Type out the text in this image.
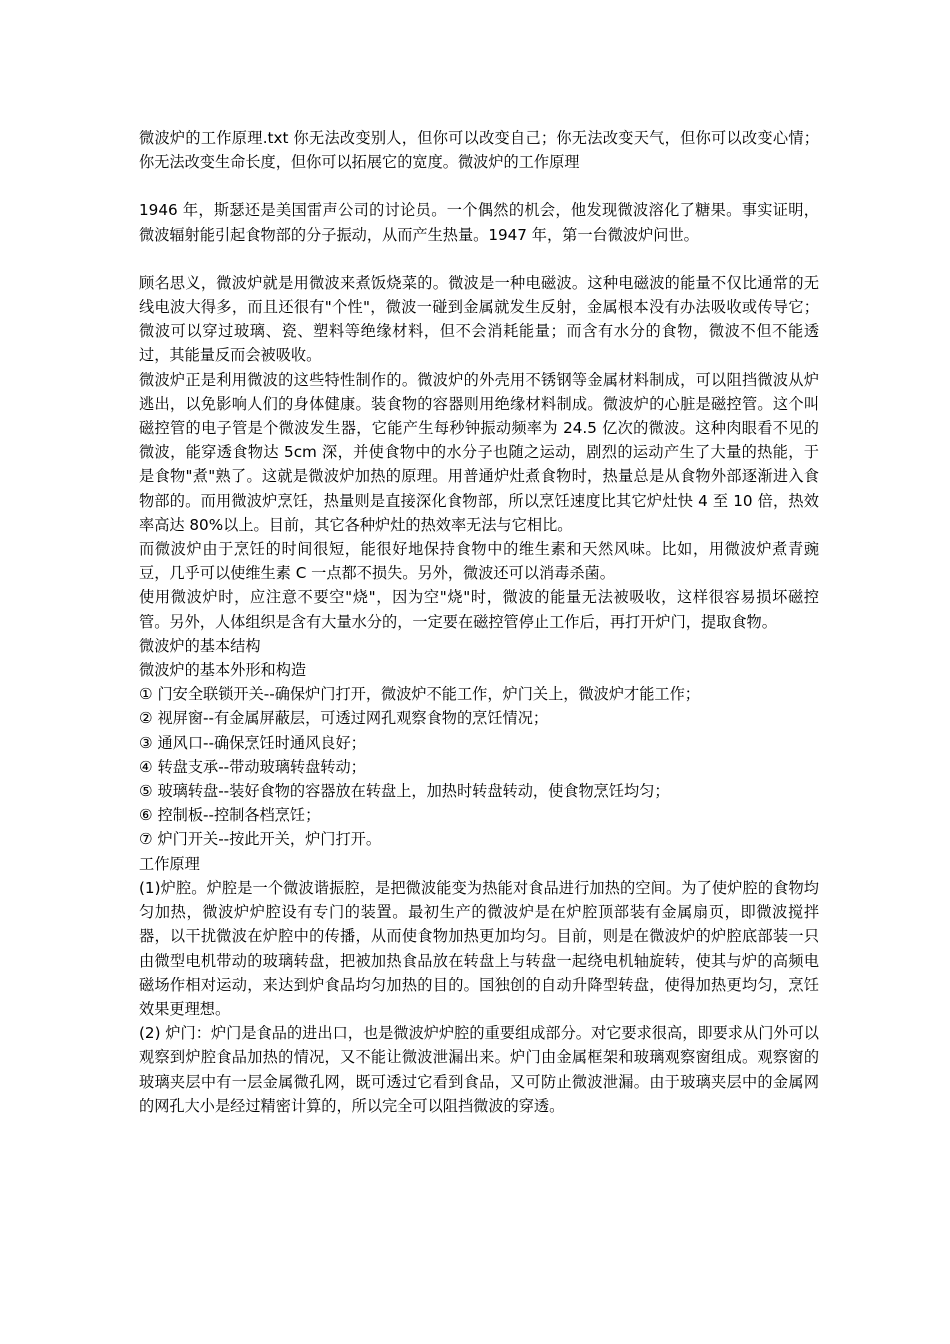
微波炉的工作原理.txt 你无法改变别人，但你可以改变自己；你无法改变天气，但你可以改变心情；你无法改变生命长度，但你可以拓展它的宽度。微波炉的工作原理

1946 年，斯瑟还是美国雷声公司的讨论员。一个偶然的机会，他发现微波溶化了糖果。事实证明，微波辐射能引起食物部的分子振动，从而产生热量。1947 年，第一台微波炉问世。

顾名思义，微波炉就是用微波来煮饭烧菜的。微波是一种电磁波。这种电磁波的能量不仅比通常的无线电波大得多，而且还很有"个性"，微波一碰到金属就发生反射，金属根本没有办法吸收或传导它；微波可以穿过玻璃、瓷、塑料等绝缘材料，但不会消耗能量；而含有水分的食物，微波不但不能透过，其能量反而会被吸收。

微波炉正是利用微波的这些特性制作的。微波炉的外壳用不锈钢等金属材料制成，可以阻挡微波从炉逃出，以免影响人们的身体健康。装食物的容器则用绝缘材料制成。微波炉的心脏是磁控管。这个叫磁控管的电子管是个微波发生器，它能产生每秒钟振动频率为 24.5 亿次的微波。这种肉眼看不见的微波，能穿透食物达 5cm 深，并使食物中的水分子也随之运动，剧烈的运动产生了大量的热能，于是食物"煮"熟了。这就是微波炉加热的原理。用普通炉灶煮食物时，热量总是从食物外部逐渐进入食物部的。而用微波炉烹饪，热量则是直接深化食物部，所以烹饪速度比其它炉灶快 4 至 10 倍，热效率高达 80%以上。目前，其它各种炉灶的热效率无法与它相比。

而微波炉由于烹饪的时间很短，能很好地保持食物中的维生素和天然风味。比如，用微波炉煮青豌豆，几乎可以使维生素 C 一点都不损失。另外，微波还可以消毒杀菌。

使用微波炉时，应注意不要空"烧"，因为空"烧"时，微波的能量无法被吸收，这样很容易损坏磁控管。另外，人体组织是含有大量水分的，一定要在磁控管停止工作后，再打开炉门，提取食物。

微波炉的基本结构

微波炉的基本外形和构造

① 门安全联锁开关--确保炉门打开，微波炉不能工作，炉门关上，微波炉才能工作；

② 视屏窗--有金属屏蔽层，可透过网孔观察食物的烹饪情况；

③ 通风口--确保烹饪时通风良好；

④ 转盘支承--带动玻璃转盘转动；

⑤ 玻璃转盘--装好食物的容器放在转盘上，加热时转盘转动，使食物烹饪均匀；

⑥ 控制板--控制各档烹饪；

⑦ 炉门开关--按此开关，炉门打开。

工作原理

(1)炉腔。炉腔是一个微波谐振腔，是把微波能变为热能对食品进行加热的空间。为了使炉腔的食物均匀加热，微波炉炉腔设有专门的装置。最初生产的微波炉是在炉腔顶部装有金属扇页，即微波搅拌器，以干扰微波在炉腔中的传播，从而使食物加热更加均匀。目前，则是在微波炉的炉腔底部装一只由微型电机带动的玻璃转盘，把被加热食品放在转盘上与转盘一起绕电机轴旋转，使其与炉的高频电磁场作相对运动，来达到炉食品均匀加热的目的。国独创的自动升降型转盘，使得加热更均匀，烹饪效果更理想。

(2) 炉门：炉门是食品的进出口，也是微波炉炉腔的重要组成部分。对它要求很高，即要求从门外可以观察到炉腔食品加热的情况，又不能让微波泄漏出来。炉门由金属框架和玻璃观察窗组成。观察窗的玻璃夹层中有一层金属微孔网，既可透过它看到食品，又可防止微波泄漏。由于玻璃夹层中的金属网的网孔大小是经过精密计算的，所以完全可以阻挡微波的穿透。
